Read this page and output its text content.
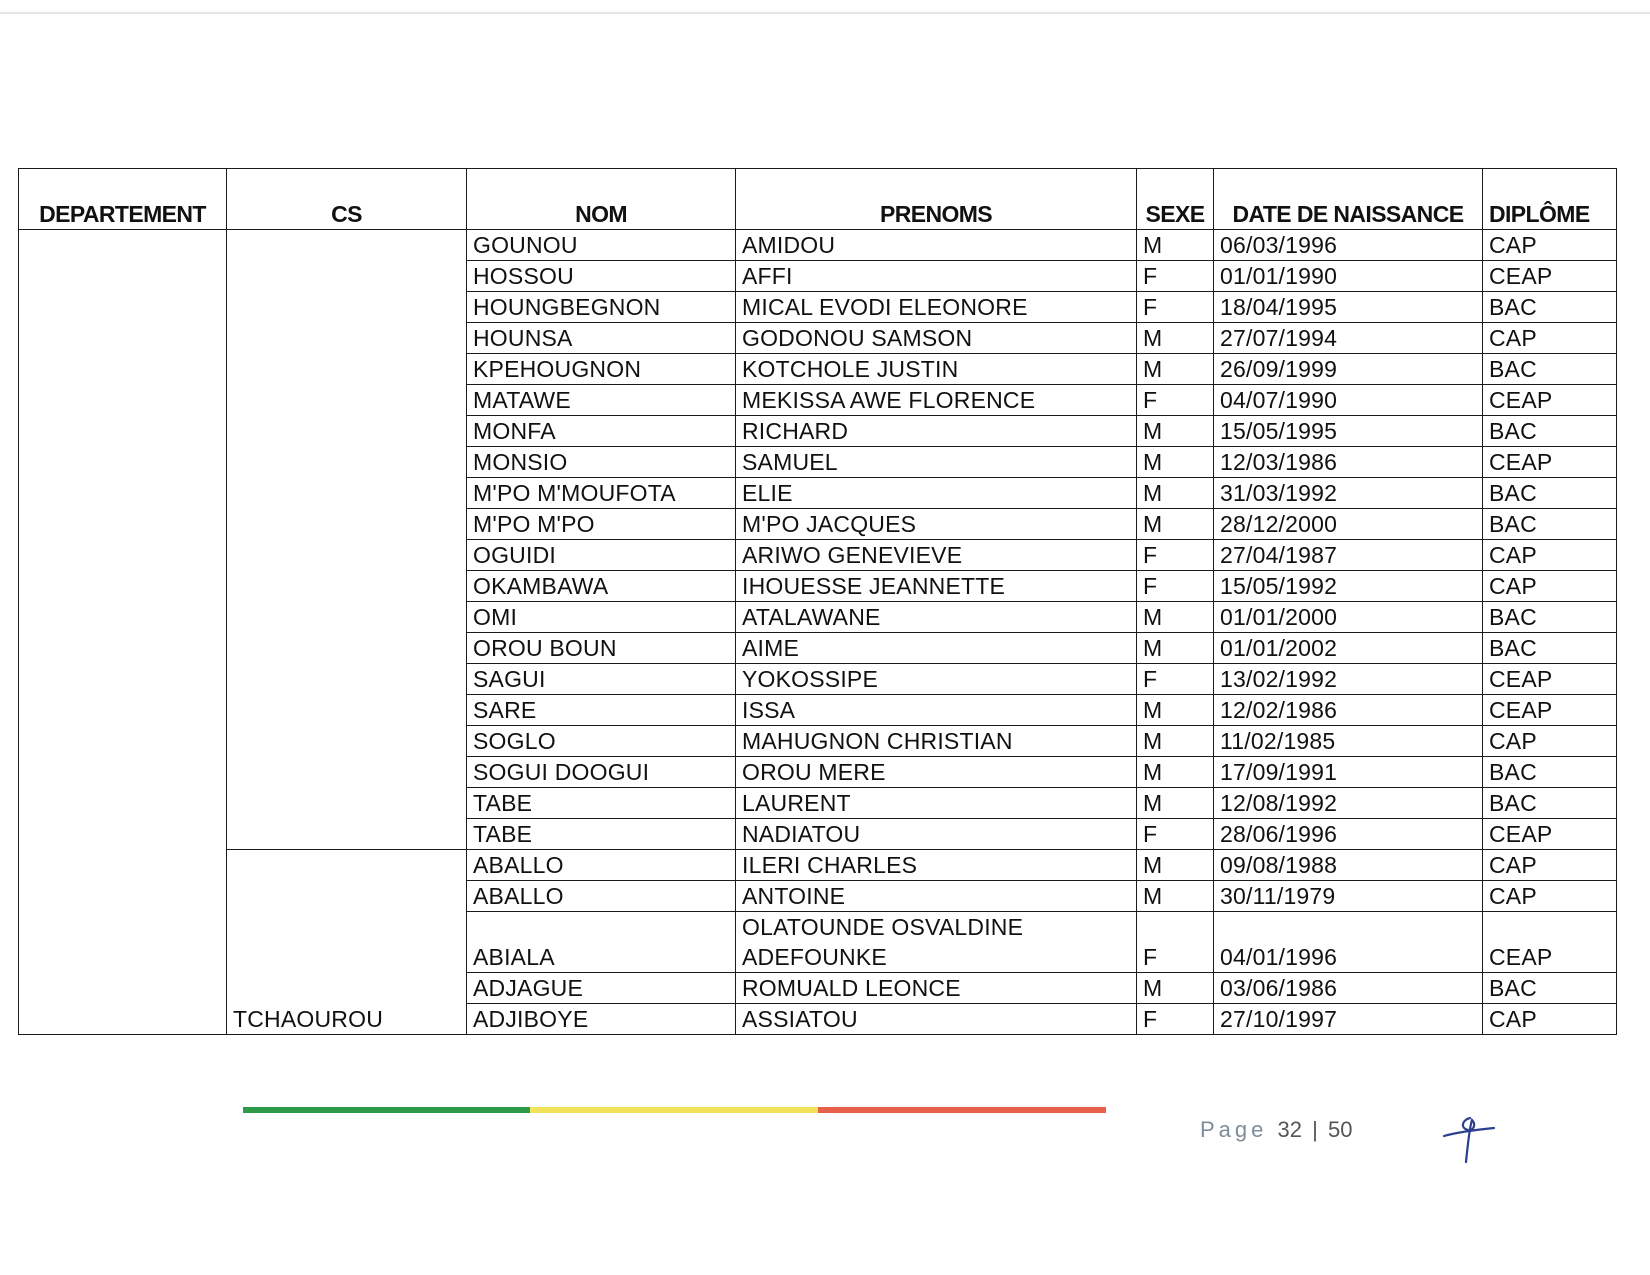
DEPARTEMENT	CS	NOM	PRENOMS	SEXE	DATE DE NAISSANCE	DIPLÔME
		GOUNOU	AMIDOU	M	06/03/1996	CAP
		HOSSOU	AFFI	F	01/01/1990	CEAP
		HOUNGBEGNON	MICAL EVODI ELEONORE	F	18/04/1995	BAC
		HOUNSA	GODONOU SAMSON	M	27/07/1994	CAP
		KPEHOUGNON	KOTCHOLE JUSTIN	M	26/09/1999	BAC
		MATAWE	MEKISSA AWE FLORENCE	F	04/07/1990	CEAP
		MONFA	RICHARD	M	15/05/1995	BAC
		MONSIO	SAMUEL	M	12/03/1986	CEAP
		M'PO M'MOUFOTA	ELIE	M	31/03/1992	BAC
		M'PO M'PO	M'PO JACQUES	M	28/12/2000	BAC
		OGUIDI	ARIWO GENEVIEVE	F	27/04/1987	CAP
		OKAMBAWA	IHOUESSE JEANNETTE	F	15/05/1992	CAP
		OMI	ATALAWANE	M	01/01/2000	BAC
		OROU BOUN	AIME	M	01/01/2002	BAC
		SAGUI	YOKOSSIPE	F	13/02/1992	CEAP
		SARE	ISSA	M	12/02/1986	CEAP
		SOGLO	MAHUGNON CHRISTIAN	M	11/02/1985	CAP
		SOGUI DOOGUI	OROU MERE	M	17/09/1991	BAC
		TABE	LAURENT	M	12/08/1992	BAC
		TABE	NADIATOU	F	28/06/1996	CEAP
	TCHAOUROU	ABALLO	ILERI CHARLES	M	09/08/1988	CAP
		ABALLO	ANTOINE	M	30/11/1979	CAP
		ABIALA	OLATOUNDE OSVALDINE ADEFOUNKE	F	04/01/1996	CEAP
		ADJAGUE	ROMUALD LEONCE	M	03/06/1986	BAC
		ADJIBOYE	ASSIATOU	F	27/10/1997	CAP
Page 32 | 50
